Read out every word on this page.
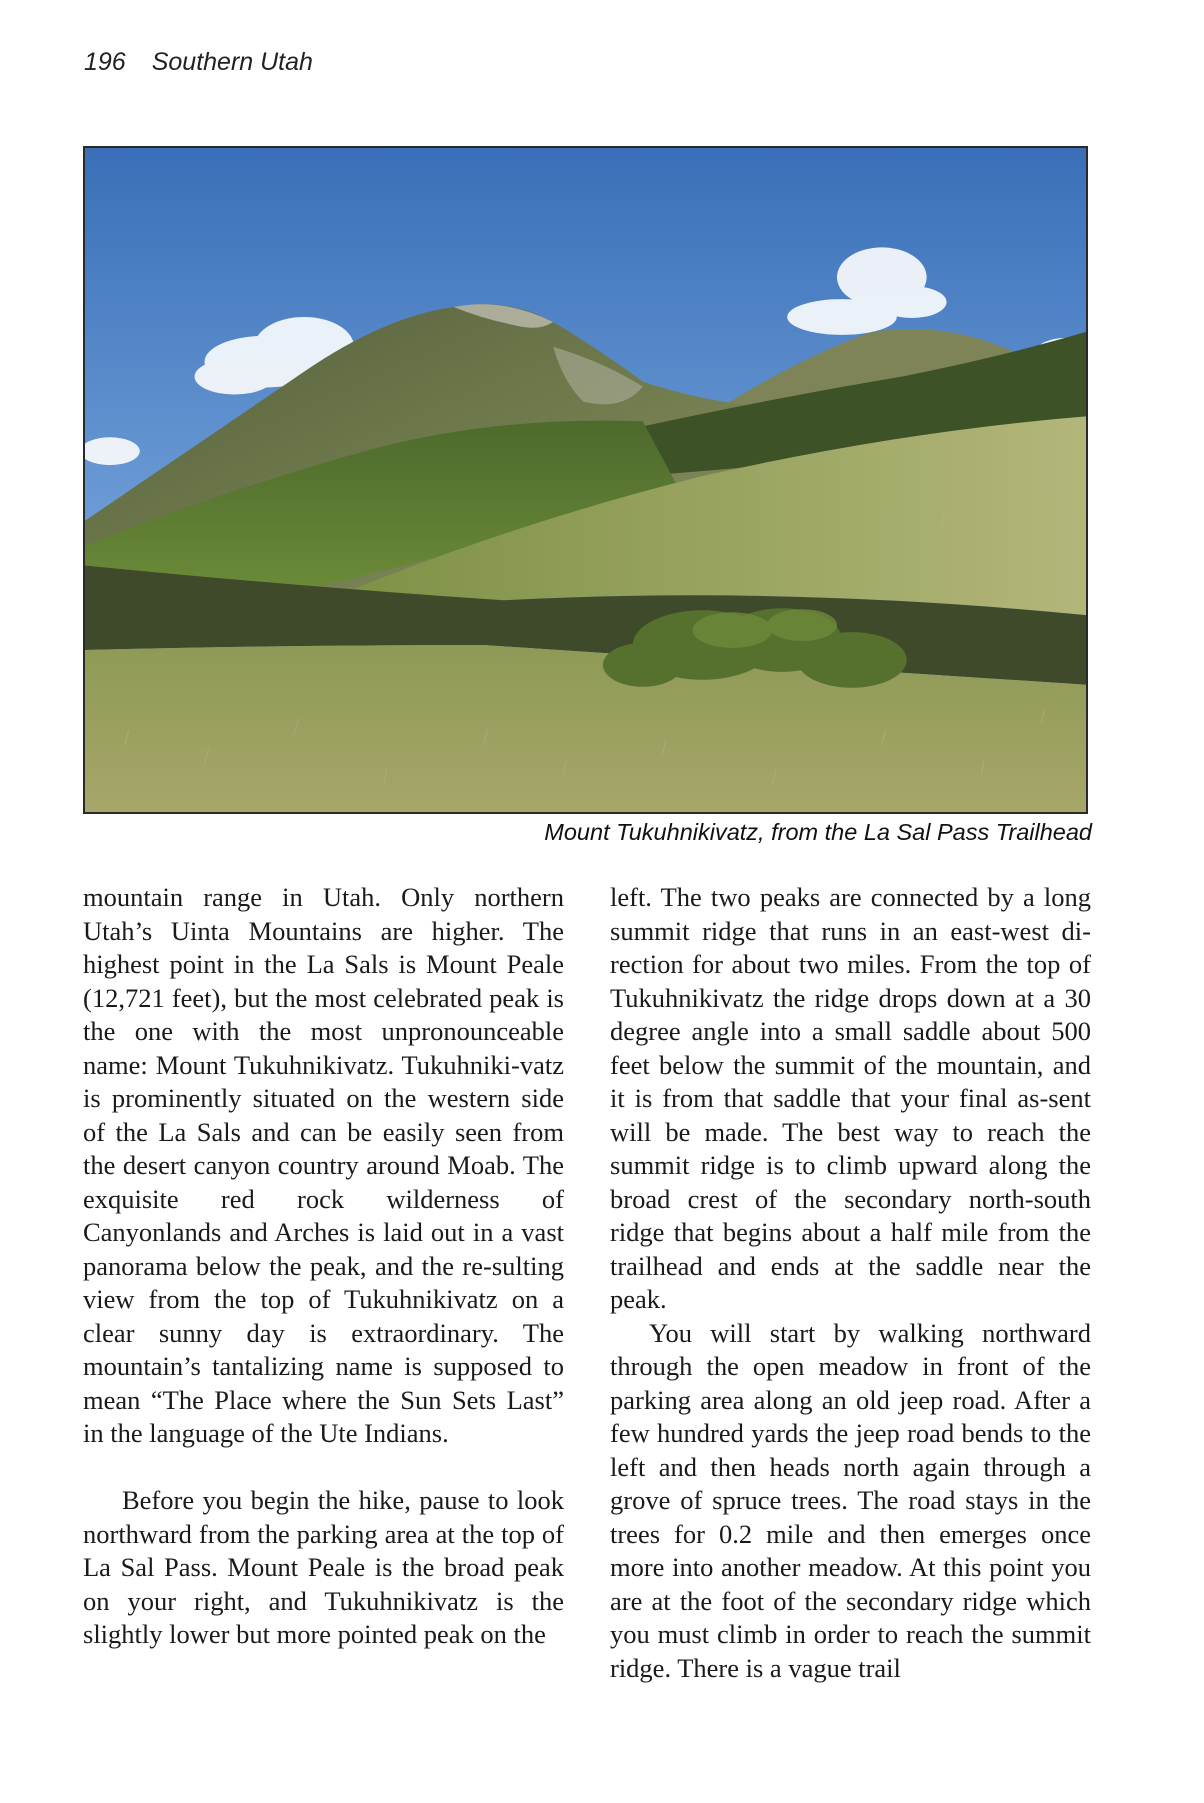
196 Southern Utah
Mount Tukuhnikivatz, from the La Sal Pass Trailhead

mountain range in Utah. Only northern Utah’s Uinta Mountains are higher. The highest point in the La Sals is Mount Peale (12,721 feet), but the most celebrated peak is the one with the most unpronounceable name: Mount Tukuhnikivatz. Tukuhniki-vatz is prominently situated on the western side of the La Sals and can be easily seen from the desert canyon country around Moab. The exquisite red rock wilderness of Canyonlands and Arches is laid out in a vast panorama below the peak, and the re-sulting view from the top of Tukuhnikivatz on a clear sunny day is extraordinary. The mountain’s tantalizing name is supposed to mean “The Place where the Sun Sets Last” in the language of the Ute Indians.

Before you begin the hike, pause to look northward from the parking area at the top of La Sal Pass. Mount Peale is the broad peak on your right, and Tukuhnikivatz is the slightly lower but more pointed peak on the

left. The two peaks are connected by a long summit ridge that runs in an east-west di-rection for about two miles. From the top of Tukuhnikivatz the ridge drops down at a 30 degree angle into a small saddle about 500 feet below the summit of the mountain, and it is from that saddle that your final as-sent will be made. The best way to reach the summit ridge is to climb upward along the broad crest of the secondary north-south ridge that begins about a half mile from the trailhead and ends at the saddle near the peak.

You will start by walking northward through the open meadow in front of the parking area along an old jeep road. After a few hundred yards the jeep road bends to the left and then heads north again through a grove of spruce trees. The road stays in the trees for 0.2 mile and then emerges once more into another meadow. At this point you are at the foot of the secondary ridge which you must climb in order to reach the summit ridge. There is a vague trail
